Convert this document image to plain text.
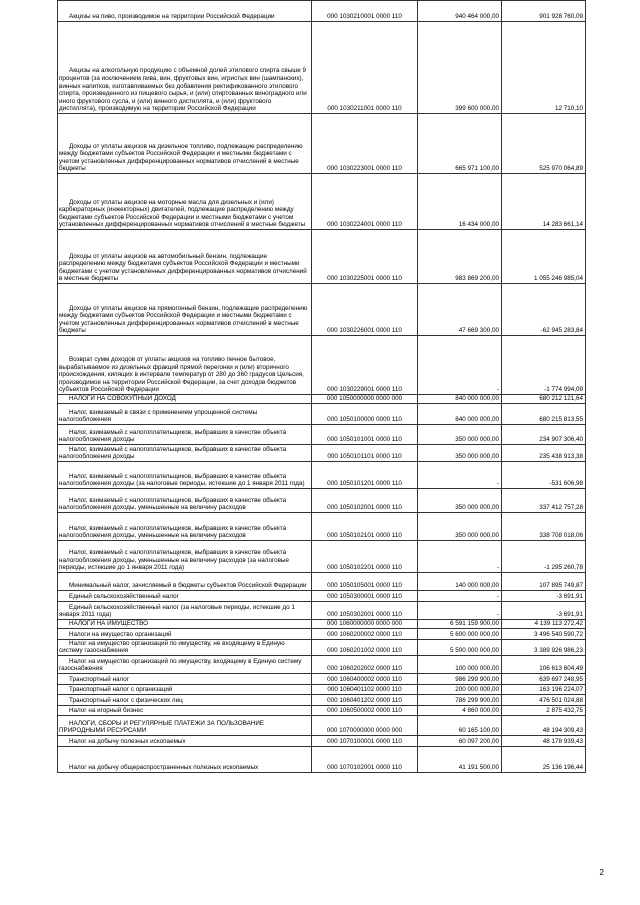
Акцизы на пиво, производимое на территории Российской Федерации	000 1030210001 0000 110	940 464 000,00	901 928 760,09
Акцизы на алкогольную продукцию с объемной долей этилового спирта свыше 9 процентов (за исключением пива, вин, фруктовых вин, игристых вин (шампанских), винных напитков, изготавливаемых без добавления ректификованного этилового спирта, произведенного из пищевого сырья, и (или) спиртованных виноградного или иного фруктового сусла, и (или) винного дистиллята, и (или) фруктового дистиллята), производимую на территории Российской Федерации	000 1030211001 0000 110	399 600 000,00	12 710,10
Доходы от уплаты акцизов на дизельное топливо, подлежащие распределению между бюджетами субъектов Российской Федерации и местными бюджетами с учетом установленных дифференцированных нормативов отчислений в местные бюджеты	000 1030223001 0000 110	665 971 100,00	525 970 064,89
Доходы от уплаты акцизов на моторные масла для дизельных и (или) карбюраторных (инжекторных) двигателей, подлежащие распределению между бюджетами субъектов Российской Федерации и местными бюджетами с учетом установленных дифференцированных нормативов отчислений в местные бюджеты	000 1030224001 0000 110	16 434 000,00	14 283 661,14
Доходы от уплаты акцизов на автомобильный бензин, подлежащие распределению между бюджетами субъектов Российской Федерации и местными бюджетами с учетом установленных дифференцированных нормативов отчислений в местные бюджеты	000 1030225001 0000 110	983 869 200,00	1 055 246 985,04
Доходы от уплаты акцизов на прямогонный бензин, подлежащие распределению между бюджетами субъектов Российской Федерации и местными бюджетами с учетом установленных дифференцированных нормативов отчислений в местные бюджеты	000 1030226001 0000 110	47 669 300,00	-62 945 283,84
Возврат сумм доходов от уплаты акцизов на топливо печное бытовое, вырабатываемое из дизельных фракций прямой перегонки и (или) вторичного происхождения, кипящих в интервале температур от 280 до 360 градусов Цельсия, производимое на территории Российской Федерации, за счет доходов бюджетов субъектов Российской Федерации	000 1030229001 0000 110	-	-1 774 994,09
НАЛОГИ НА СОВОКУПНЫЙ ДОХОД	000 1050000000 0000 000	840 000 000,00	680 212 121,64
Налог, взимаемый в связи с применением упрощенной системы налогообложения	000 1050100000 0000 110	840 000 000,00	680 215 813,55
Налог, взимаемый с налогоплательщиков, выбравших в качестве объекта налогообложения доходы	000 1050101001 0000 110	350 000 000,00	234 907 306,40
Налог, взимаемый с налогоплательщиков, выбравших в качестве объекта налогообложения доходы	000 1050101101 0000 110	350 000 000,00	235 438 913,38
Налог, взимаемый с налогоплательщиков, выбравших в качестве объекта налогообложения доходы (за налоговые периоды, истекшие до 1 января 2011 года)	000 1050101201 0000 110	-	-531 606,98
Налог, взимаемый с налогоплательщиков, выбравших в качестве объекта налогообложения доходы, уменьшенные на величину расходов	000 1050102001 0000 110	350 000 000,00	337 412 757,28
Налог, взимаемый с налогоплательщиков, выбравших в качестве объекта налогообложения доходы, уменьшенные на величину расходов	000 1050102101 0000 110	350 000 000,00	338 708 018,06
Налог, взимаемый с налогоплательщиков, выбравших в качестве объекта налогообложения доходы, уменьшенные на величину расходов (за налоговые периоды, истекшие до 1 января 2011 года)	000 1050102201 0000 110	-	-1 295 260,78
Минимальный налог, зачисляемый в бюджеты субъектов Российской Федерации	000 1050105001 0000 110	140 000 000,00	107 895 749,87
Единый сельскохозяйственный налог	000 1050300001 0000 110	-	-3 691,91
Единый сельскохозяйственный налог (за налоговые периоды, истекшие до 1 января 2011 года)	000 1050302001 0000 110	-	-3 691,91
НАЛОГИ НА ИМУЩЕСТВО	000 1060000000 0000 000	6 591 159 900,00	4 139 113 272,42
Налоги на имущество организаций	000 1060200002 0000 110	5 600 000 000,00	3 496 540 590,72
Налог на имущество организаций по имуществу, не входящему в Единую систему газоснабжения	000 1060201002 0000 110	5 500 000 000,00	3 389 926 986,23
Налог на имущество организаций по имуществу, входящему в Единую систему газоснабжения	000 1060202002 0000 110	100 000 000,00	106 613 604,49
Транспортный налог	000 1060400002 0000 110	986 299 900,00	639 697 248,95
Транспортный налог с организаций	000 1060401102 0000 110	200 000 000,00	163 196 224,07
Транспортный налог с физических лиц	000 1060401202 0000 110	786 299 900,00	476 501 024,88
Налог на игорный бизнес	000 1060500002 0000 110	4 860 000,00	2 875 432,75
НАЛОГИ, СБОРЫ И РЕГУЛЯРНЫЕ ПЛАТЕЖИ ЗА ПОЛЬЗОВАНИЕ ПРИРОДНЫМИ РЕСУРСАМИ	000 1070000000 0000 000	60 165 100,00	48 194 309,43
Налог на добычу полезных ископаемых	000 1070100001 0000 110	60 097 200,00	48 178 939,43
Налог на добычу общераспространенных полезных ископаемых	000 1070102001 0000 110	41 191 500,00	25 136 196,44
2
